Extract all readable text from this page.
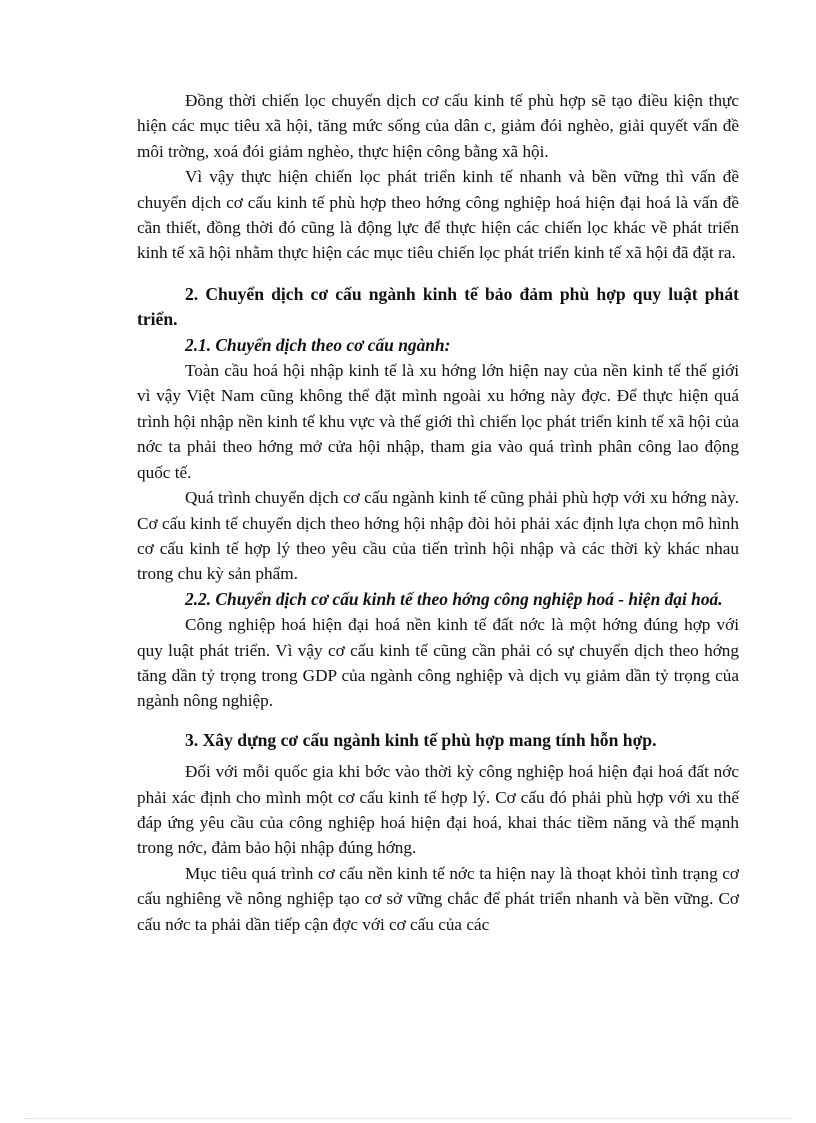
Đồng thời chiến lọc chuyển dịch cơ cấu kinh tế phù hợp sẽ tạo điều kiện thực hiện các mục tiêu xã hội, tăng mức sống của dân c, giảm đói nghèo, giải quyết vấn đề môi trờng, xoá đói giảm nghèo, thực hiện công bằng xã hội.

Vì vậy thực hiện chiến lọc phát triển kinh tế nhanh và bền vững thì vấn đề chuyển dịch cơ cấu kinh tế phù hợp theo hớng công nghiệp hoá hiện đại hoá là vấn đề cần thiết, đồng thời đó cũng là động lực để thực hiện các chiến lọc khác về phát triển kinh tế xã hội nhằm thực hiện các mục tiêu chiến lọc phát triển kinh tế xã hội đã đặt ra.

2. Chuyển dịch cơ cấu ngành kinh tế bảo đảm phù hợp quy luật phát triển.

2.1. Chuyển dịch theo cơ cấu ngành:

Toàn cầu hoá hội nhập kinh tế là xu hớng lớn hiện nay của nền kinh tế thế giới vì vậy Việt Nam cũng không thể đặt mình ngoài xu hớng này đợc. Để thực hiện quá trình hội nhập nền kinh tế khu vực và thế giới thì chiến lọc phát triển kinh tế xã hội của nớc ta phải theo hớng mở cửa hội nhập, tham gia vào quá trình phân công lao động quốc tế.

Quá trình chuyển dịch cơ cấu ngành kinh tế cũng phải phù hợp với xu hớng này. Cơ cấu kinh tế chuyển dịch theo hớng hội nhập đòi hỏi phải xác định lựa chọn mô hình cơ cấu kinh tế hợp lý theo yêu cầu của tiến trình hội nhập và các thời kỳ khác nhau trong chu kỳ sản phẩm.

2.2. Chuyển dịch cơ cấu kinh tế theo hớng công nghiệp hoá - hiện đại hoá.

Công nghiệp hoá hiện đại hoá nền kinh tế đất nớc là một hớng đúng hợp với quy luật phát triển. Vì vậy cơ cấu kinh tế cũng cần phải có sự chuyển dịch theo hớng tăng dần tỷ trọng trong GDP của ngành công nghiệp và dịch vụ giảm dần tỷ trọng của ngành nông nghiệp.

3. Xây dựng cơ cấu ngành kinh tế phù hợp mang tính hỗn hợp.

Đối với mỗi quốc gia khi bớc vào thời kỳ công nghiệp hoá hiện đại hoá đất nớc phải xác định cho mình một cơ cấu kinh tế hợp lý. Cơ cấu đó phải phù hợp với xu thế đáp ứng yêu cầu của công nghiệp hoá hiện đại hoá, khai thác tiềm năng và thế mạnh trong nớc, đảm bảo hội nhập đúng hớng.

Mục tiêu quá trình cơ cấu nền kinh tế nớc ta hiện nay là thoạt khỏi tình trạng cơ cấu nghiêng về nông nghiệp tạo cơ sở vững chắc để phát triển nhanh và bền vững. Cơ cấu nớc ta phải dần tiếp cận đợc với cơ cấu của các
